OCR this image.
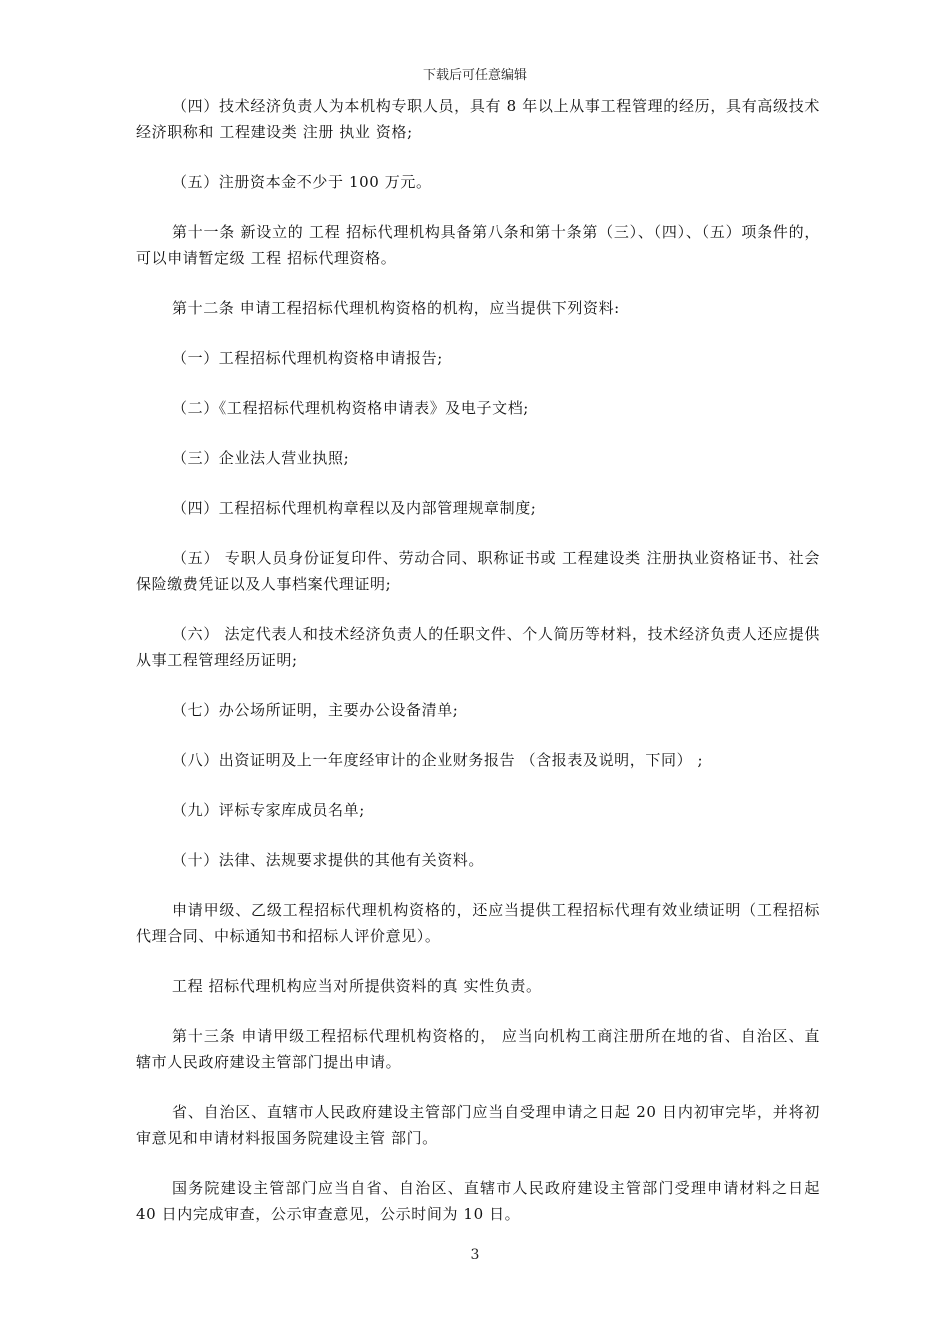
下载后可任意编辑

（四）技术经济负责人为本机构专职人员，具有 8 年以上从事工程管理的经历，具有高级技术经济职称和 工程建设类 注册 执业 资格;

（五）注册资本金不少于 100 万元。

第十一条 新设立的 工程 招标代理机构具备第八条和第十条第（三）、（四）、（五）项条件的，可以申请暂定级 工程 招标代理资格。

第十二条 申请工程招标代理机构资格的机构，应当提供下列资料:

（一）工程招标代理机构资格申请报告;

（二）《工程招标代理机构资格申请表》及电子文档;

（三）企业法人营业执照;

（四）工程招标代理机构章程以及内部管理规章制度;

（五） 专职人员身份证复印件、劳动合同、职称证书或 工程建设类 注册执业资格证书、社会保险缴费凭证以及人事档案代理证明;

（六） 法定代表人和技术经济负责人的任职文件、个人简历等材料，技术经济负责人还应提供从事工程管理经历证明;

（七）办公场所证明，主要办公设备清单;

（八）出资证明及上一年度经审计的企业财务报告 （含报表及说明，下同） ;

（九）评标专家库成员名单;

（十）法律、法规要求提供的其他有关资料。

申请甲级、乙级工程招标代理机构资格的，还应当提供工程招标代理有效业绩证明（工程招标代理合同、中标通知书和招标人评价意见）。

工程 招标代理机构应当对所提供资料的真 实性负责。

第十三条 申请甲级工程招标代理机构资格的， 应当向机构工商注册所在地的省、自治区、直辖市人民政府建设主管部门提出申请。

省、自治区、直辖市人民政府建设主管部门应当自受理申请之日起 20 日内初审完毕，并将初审意见和申请材料报国务院建设主管 部门。

国务院建设主管部门应当自省、自治区、直辖市人民政府建设主管部门受理申请材料之日起 40 日内完成审查，公示审查意见，公示时间为 10 日。

3
